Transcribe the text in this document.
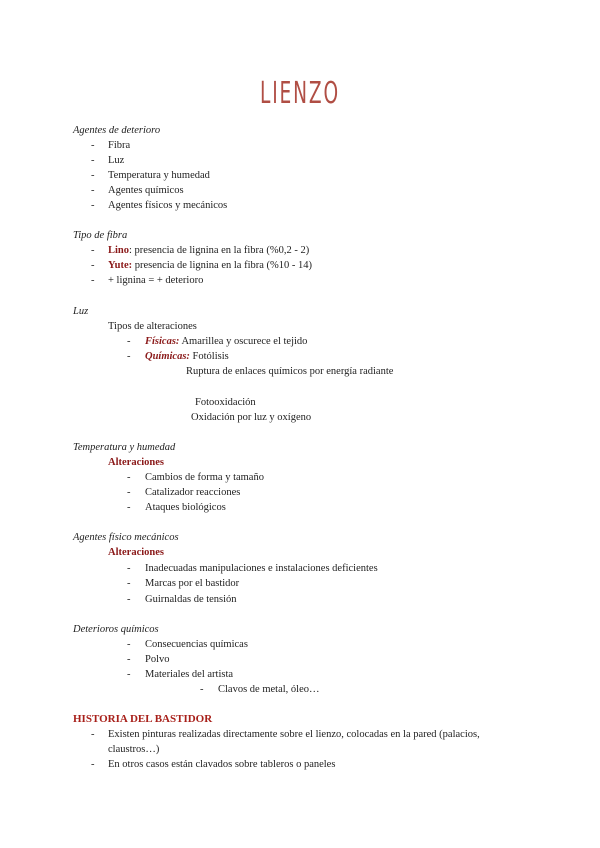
LIENZO
Agentes de deterioro
- Fibra
- Luz
- Temperatura y humedad
- Agentes químicos
- Agentes físicos y mecánicos
Tipo de fibra
- Lino: presencia de lignina en la fibra (%0,2 - 2)
- Yute: presencia de lignina en la fibra (%10 - 14)
- + lignina = + deterioro
Luz
Tipos de alteraciones
- Físicas: Amarillea y oscurece el tejido
- Químicas: Fotólisis
Ruptura de enlaces químicos por energía radiante
Fotooxidación
Oxidación por luz y oxígeno
Temperatura y humedad
Alteraciones
- Cambios de forma y tamaño
- Catalizador reacciones
- Ataques biológicos
Agentes físico mecánicos
Alteraciones
- Inadecuadas manipulaciones e instalaciones deficientes
- Marcas por el bastidor
- Guirnaldas de tensión
Deterioros químicos
- Consecuencias químicas
- Polvo
- Materiales del artista
- Clavos de metal, óleo…
HISTORIA DEL BASTIDOR
- Existen pinturas realizadas directamente sobre el lienzo, colocadas en la pared (palacios,
claustros…)
- En otros casos están clavados sobre tableros o paneles
